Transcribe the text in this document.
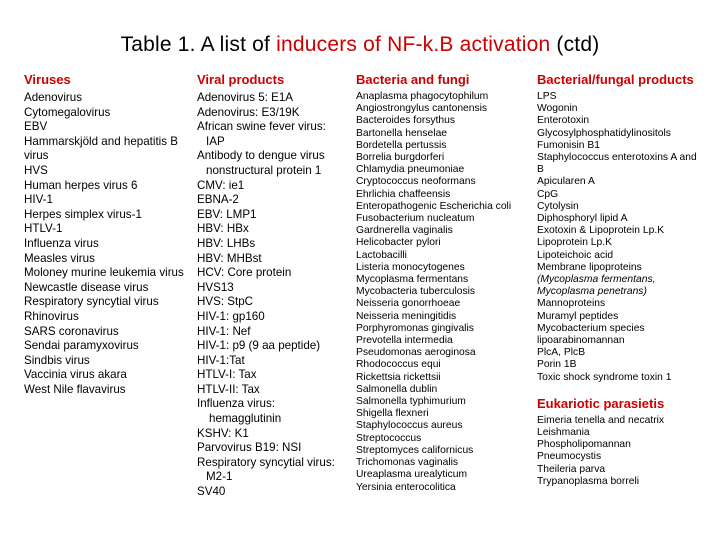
Table 1. A list of inducers of NF-k.B activation (ctd)
Viruses
Adenovirus
Cytomegalovirus
EBV
Hammarskjöld and hepatitis B
virus
HVS
Human herpes virus 6
HIV-1
Herpes simplex virus-1
HTLV-1
Influenza virus
Measles virus
Moloney murine leukemia virus
Newcastle disease virus
Respiratory syncytial virus
Rhinovirus
SARS coronavirus
Sendai paramyxovirus
Sindbis virus
Vaccinia virus akara
West Nile flavavirus
Viral products
Adenovirus 5: E1A
Adenovirus: E3/19K
African swine fever virus:
IAP
Antibody to dengue virus
nonstructural protein 1
CMV: ie1
EBNA-2
EBV: LMP1
HBV: HBx
HBV: LHBs
HBV: MHBst
HCV: Core protein
HVS13
HVS: StpC
HIV-1: gp160
HIV-1: Nef
HIV-1: p9 (9 aa peptide)
HIV-1:Tat
HTLV-I: Tax
HTLV-II: Tax
Influenza virus:
hemagglutinin
KSHV: K1
Parvovirus B19: NSI
Respiratory syncytial virus:
M2-1
SV40
Bacteria and fungi
Anaplasma phagocytophilum
Angiostrongylus cantonensis
Bacteroides forsythus
Bartonella henselae
Bordetella pertussis
Borrelia burgdorferi
Chlamydia pneumoniae
Cryptococcus neoformans
Ehrlichia chaffeensis
Enteropathogenic Escherichia coli
Fusobacterium nucleatum
Gardnerella vaginalis
Helicobacter pylori
Lactobacilli
Listeria monocytogenes
Mycoplasma fermentans
Mycobacteria tuberculosis
Neisseria gonorrhoeae
Neisseria meningitidis
Porphyromonas gingivalis
Prevotella intermedia
Pseudomonas aeroginosa
Rhodococcus equi
Rickettsia rickettsii
Salmonella dublin
Salmonella typhimurium
Shigella flexneri
Staphylococcus aureus
Streptococcus
Streptomyces californicus
Trichomonas vaginalis
Ureaplasma urealyticum
Yersinia enterocolitica
Bacterial/fungal products
LPS
Wogonin
Enterotoxin
Glycosylphosphatidylinositols
Fumonisin B1
Staphylococcus enterotoxins A and
B
Apicularen A
CpG
Cytolysin
Diphosphoryl lipid A
Exotoxin & Lipoprotein Lp.K
Lipoprotein Lp.K
Lipoteichoic acid
Membrane lipoproteins
(Mycoplasma fermentans,
Mycoplasma penetrans)
Mannoproteins
Muramyl peptides
Mycobacterium species
lipoarabinomannan
PlcA, PlcB
Porin 1B
Toxic shock syndrome toxin 1
Eukariotic parasietis
Eimeria tenella and necatrix
Leishmania
Phospholipomannan
Pneumocystis
Theileria parva
Trypanoplasma borreli
